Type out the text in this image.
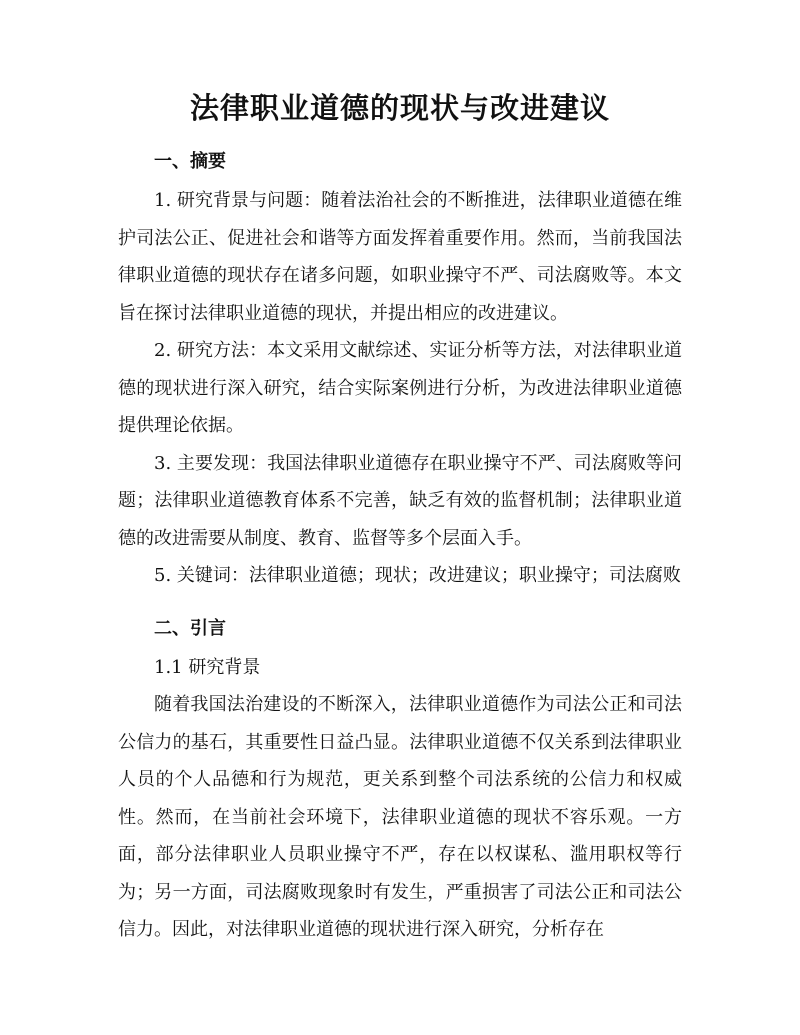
法律职业道德的现状与改进建议
一、摘要

1. 研究背景与问题：随着法治社会的不断推进，法律职业道德在维护司法公正、促进社会和谐等方面发挥着重要作用。然而，当前我国法律职业道德的现状存在诸多问题，如职业操守不严、司法腐败等。本文旨在探讨法律职业道德的现状，并提出相应的改进建议。

2. 研究方法：本文采用文献综述、实证分析等方法，对法律职业道德的现状进行深入研究，结合实际案例进行分析，为改进法律职业道德提供理论依据。

3. 主要发现：我国法律职业道德存在职业操守不严、司法腐败等问题；法律职业道德教育体系不完善，缺乏有效的监督机制；法律职业道德的改进需要从制度、教育、监督等多个层面入手。

5. 关键词：法律职业道德；现状；改进建议；职业操守；司法腐败

二、引言

1.1 研究背景

随着我国法治建设的不断深入，法律职业道德作为司法公正和司法公信力的基石，其重要性日益凸显。法律职业道德不仅关系到法律职业人员的个人品德和行为规范，更关系到整个司法系统的公信力和权威性。然而，在当前社会环境下，法律职业道德的现状不容乐观。一方面，部分法律职业人员职业操守不严，存在以权谋私、滥用职权等行为；另一方面，司法腐败现象时有发生，严重损害了司法公正和司法公信力。因此，对法律职业道德的现状进行深入研究，分析存在
